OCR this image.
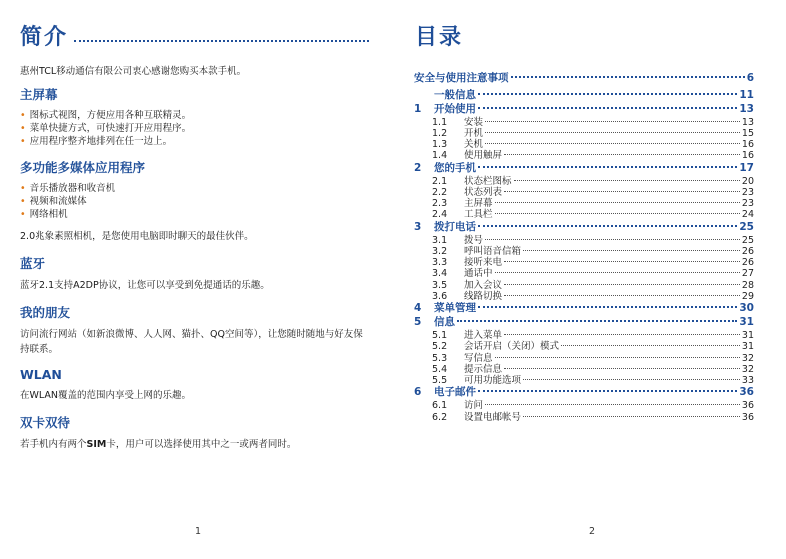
简介

惠州TCL移动通信有限公司衷心感谢您购买本款手机。

主屏幕
• 图标式视图，方便应用各种互联精灵。
• 菜单快捷方式，可快速打开应用程序。
• 应用程序整齐地排列在任一边上。
多功能多媒体应用程序
• 音乐播放器和收音机
• 视频和流媒体
• 网络相机

2.0兆象素照相机，是您使用电脑即时聊天的最佳伙伴。

蓝牙

蓝牙2.1支持A2DP协议，让您可以享受到免提通话的乐趣。

我的朋友

访问流行网站（如新浪微博、人人网、猫扑、QQ空间等），让您随时随地与好友保持联系。

WLAN

在WLAN覆盖的范围内享受上网的乐趣。

双卡双待

若手机内有两个SIM卡，用户可以选择使用其中之一或两者同时。

1
目录
安全与使用注意事项	6
一般信息	11
1	开始使用	13
1.1	安装	13
1.2	开机	15
1.3	关机	16
1.4	使用触屏	16
2	您的手机	17
2.1	状态栏图标	20
2.2	状态列表	23
2.3	主屏幕	23
2.4	工具栏	24
3	拨打电话	25
3.1	拨号	25
3.2	呼叫语音信箱	26
3.3	接听来电	26
3.4	通话中	27
3.5	加入会议	28
3.6	线路切换	29
4	菜单管理	30
5	信息	31
5.1	进入菜单	31
5.2	会话开启（关闭）模式	31
5.3	写信息	32
5.4	提示信息	32
5.5	可用功能选项	33
6	电子邮件	36
6.1	访问	36
6.2	设置电邮帐号	36
2
